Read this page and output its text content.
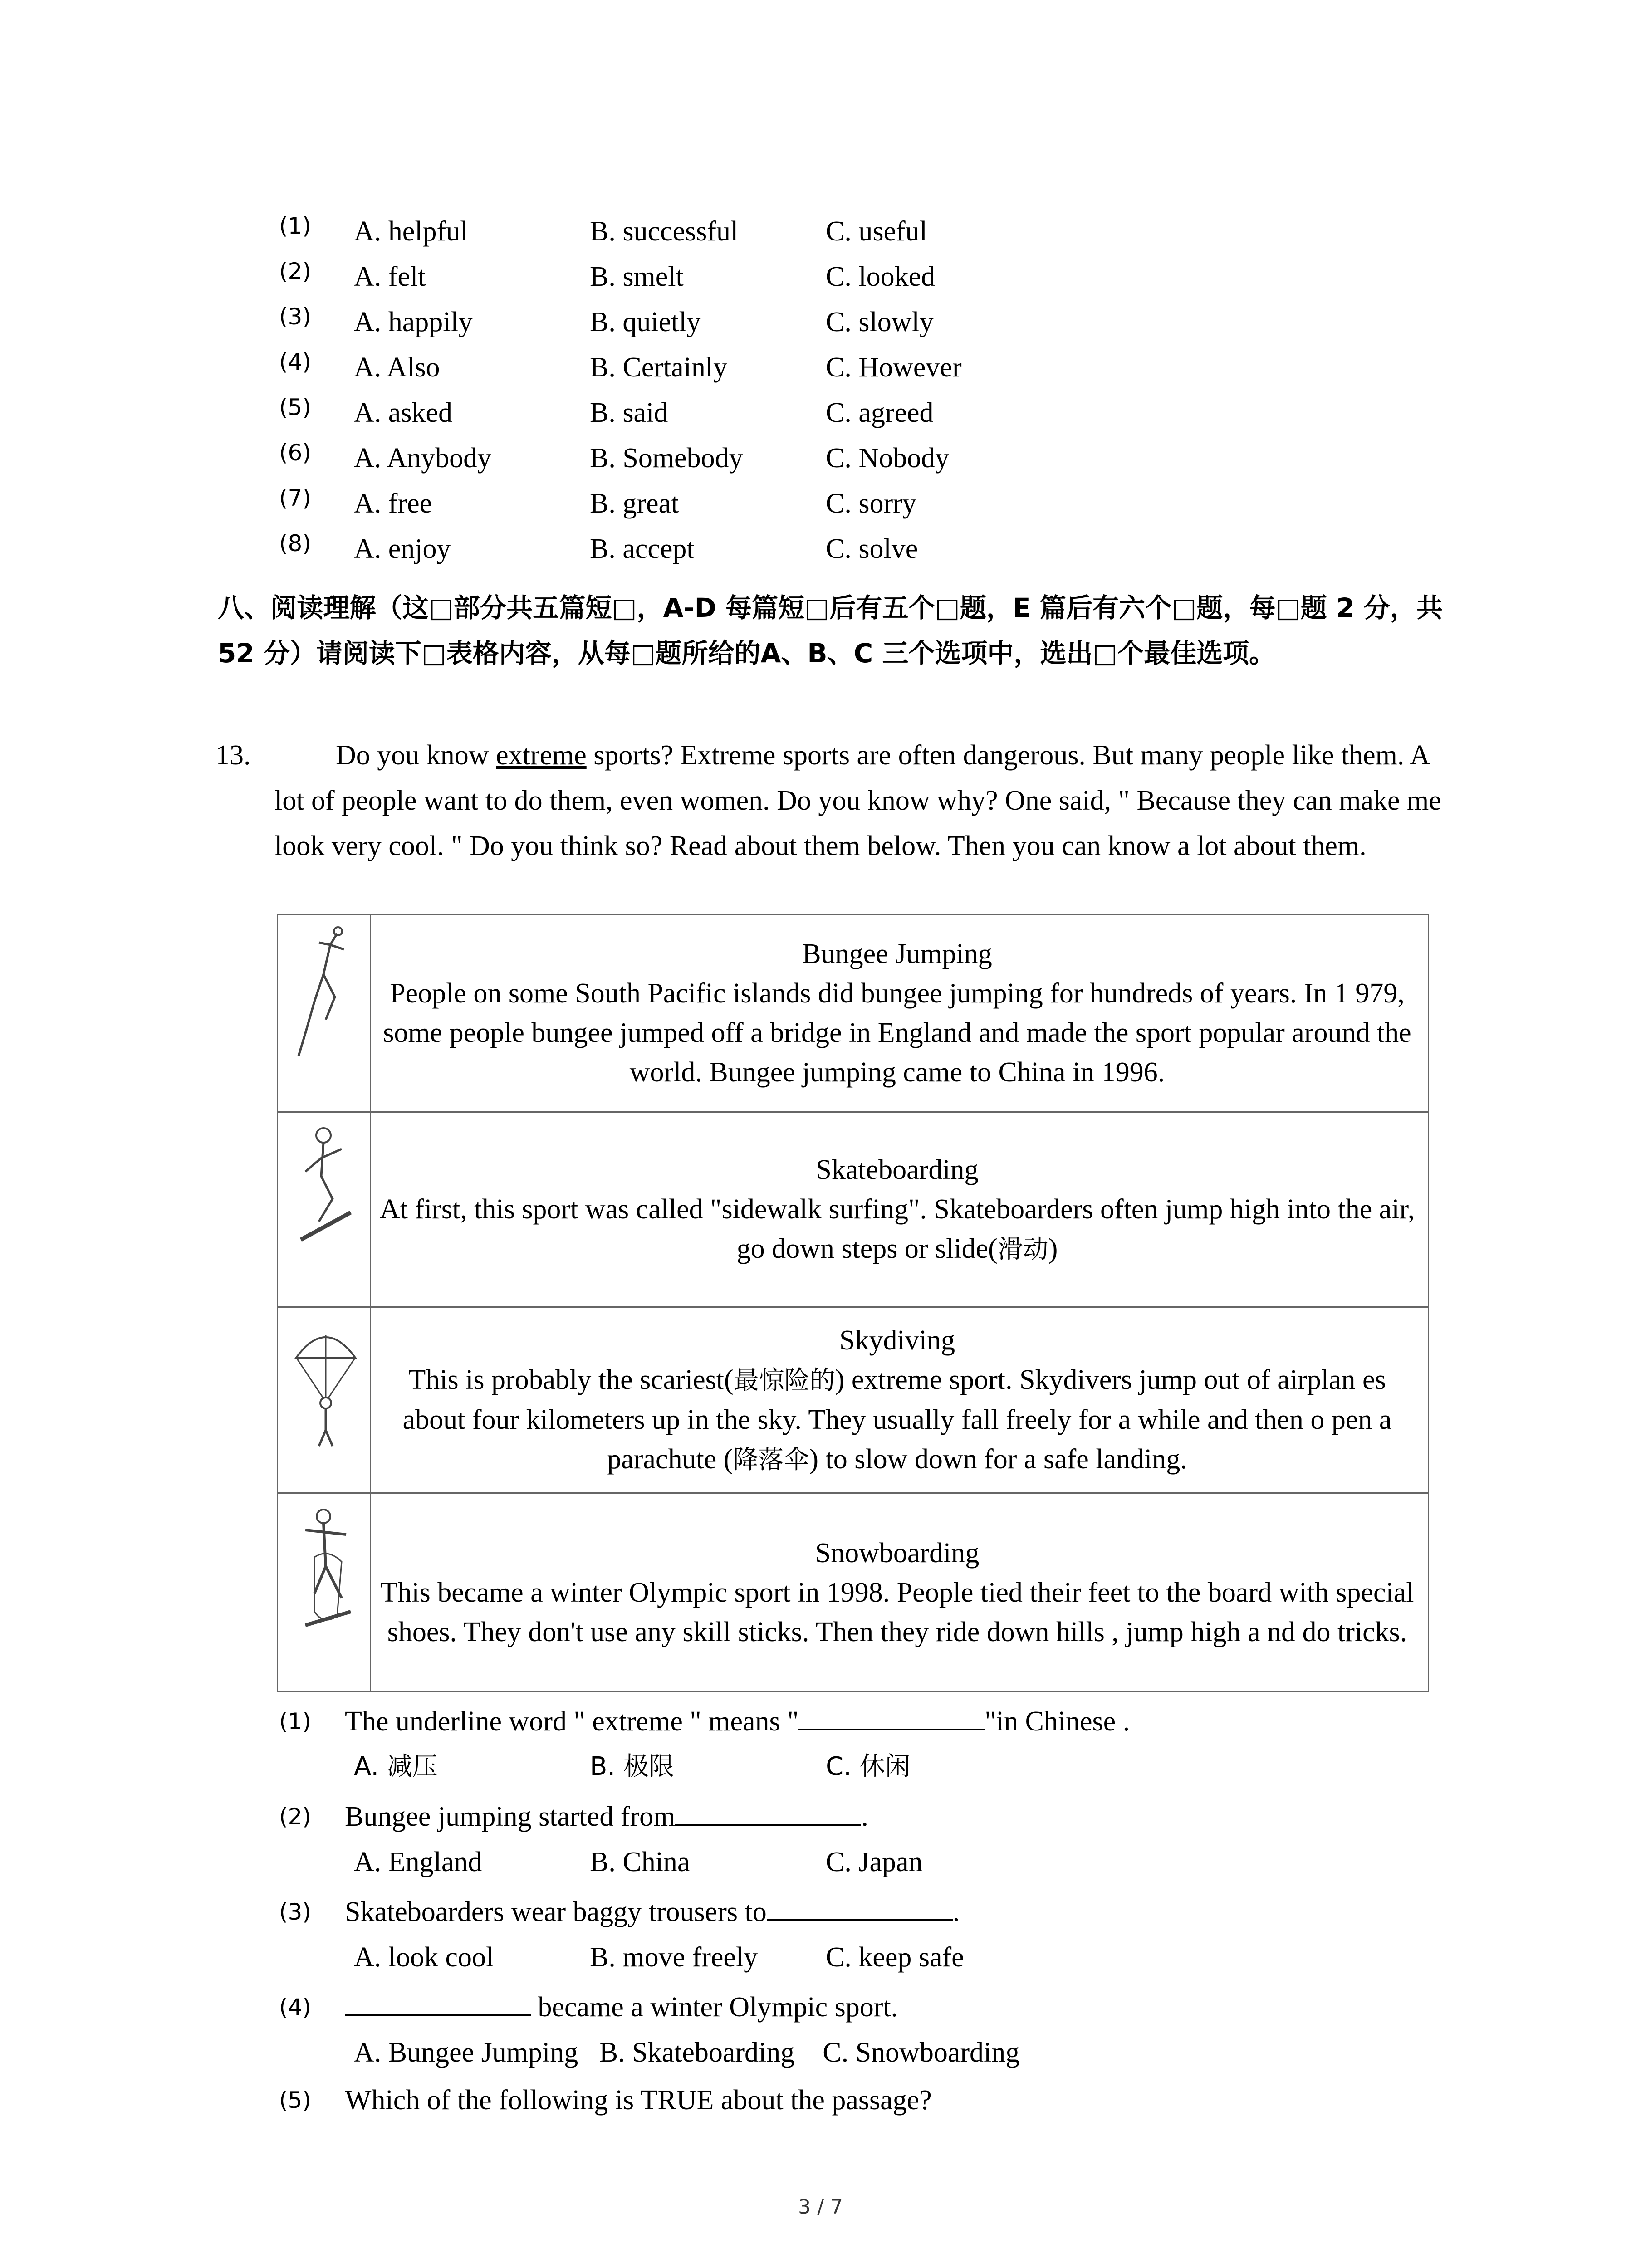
(1) A. helpful	B. successful	C. useful
(2) A. felt	B. smelt	C. looked
(3) A. happily	B. quietly	C. slowly
(4) A. Also	B. Certainly	C. However
(5) A. asked	B. said	C. agreed
(6) A. Anybody	B. Somebody	C. Nobody
(7) A. free	B. great	C. sorry
(8) A. enjoy	B. accept	C. solve
八、阅读理解（这□部分共五篇短□，A-D 每篇短□后有五个□题，E 篇后有六个□题，每□题 2 分，共 52 分）请阅读下□表格内容，从每□题所给的A、B、C 三个选项中，选出□个最佳选项。
13.	Do you know extreme sports? Extreme sports are often dangerous. But many people like them. A lot of people want to do them, even women. Do you know why? One said, " Because they can make me look very cool. " Do you think so? Read about them below. Then you can know a lot about them.
Bungee Jumping
People on some South Pacific islands did bungee jumping for hundreds of years. In 1 979, some people bungee jumped off a bridge in England and made the sport popular around the world. Bungee jumping came to China in 1996.
Skateboarding
At first, this sport was called "sidewalk surfing". Skateboarders often jump high into the air, go down steps or slide(滑动)
Skydiving
This is probably the scariest(最惊险的) extreme sport. Skydivers jump out of airplan es about four kilometers up in the sky. They usually fall freely for a while and then o pen a parachute (降落伞) to slow down for a safe landing.
Snowboarding
This became a winter Olympic sport in 1998. People tied their feet to the board with special shoes. They don't use any skill sticks. Then they ride down hills , jump high a nd do tricks.
(1) The underline word " extreme " means "	"in Chinese .
A. 减压	B. 极限	C. 休闲
(2) Bungee jumping started from	.
A. England	B. China	C. Japan
(3) Skateboarders wear baggy trousers to	.
A. look cool	B. move freely C. keep safe
(4)	became a winter Olympic sport.
A. Bungee Jumping   B. Skateboarding    C. Snowboarding
(5) Which of the following is TRUE about the passage?
3 / 7
